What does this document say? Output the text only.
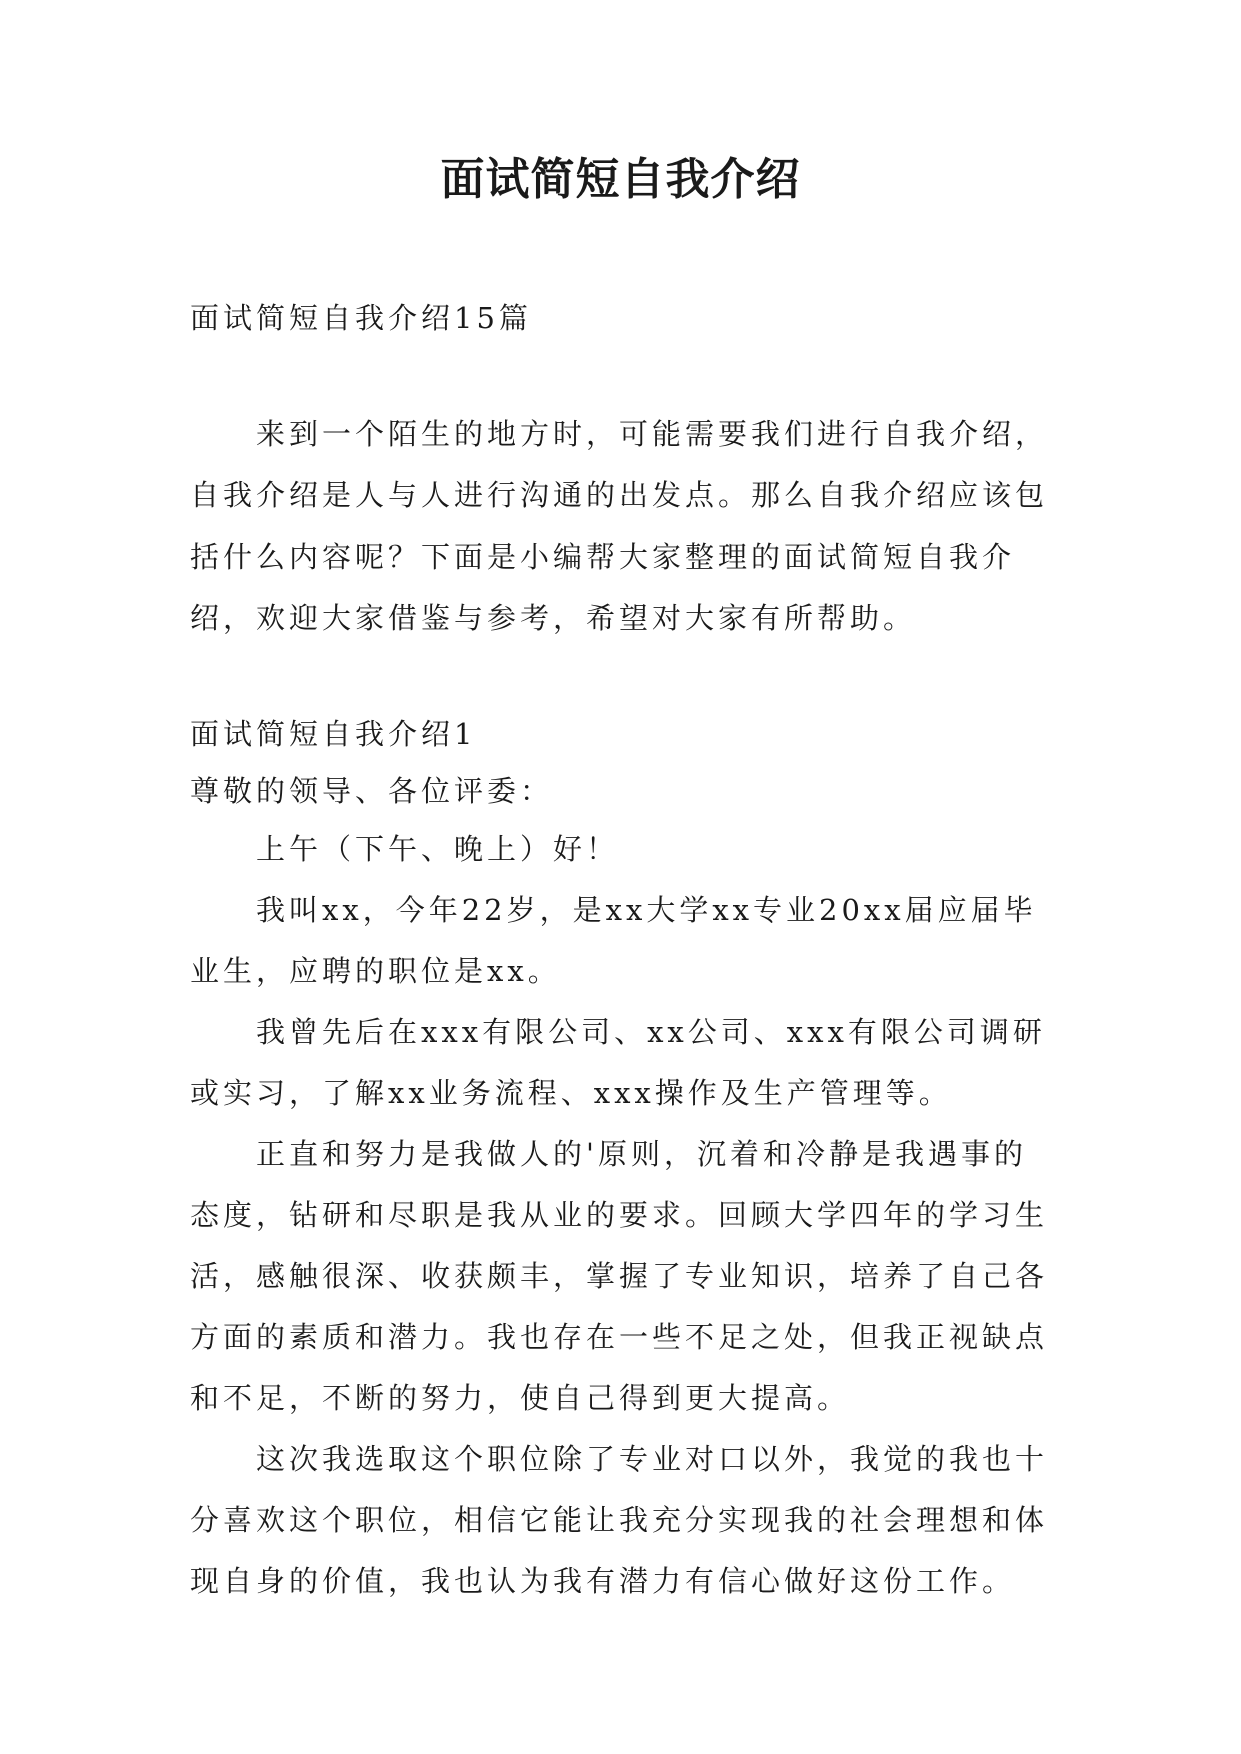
面试简短自我介绍
面试简短自我介绍15篇
来到一个陌生的地方时，可能需要我们进行自我介绍，
自我介绍是人与人进行沟通的出发点。那么自我介绍应该包
括什么内容呢？下面是小编帮大家整理的面试简短自我介
绍，欢迎大家借鉴与参考，希望对大家有所帮助。
面试简短自我介绍1
尊敬的领导、各位评委：
上午（下午、晚上）好！
我叫xx，今年22岁，是xx大学xx专业20xx届应届毕
业生，应聘的职位是xx。
我曾先后在xxx有限公司、xx公司、xxx有限公司调研
或实习，了解xx业务流程、xxx操作及生产管理等。
正直和努力是我做人的'原则，沉着和冷静是我遇事的
态度，钻研和尽职是我从业的要求。回顾大学四年的学习生
活，感触很深、收获颇丰，掌握了专业知识，培养了自己各
方面的素质和潜力。我也存在一些不足之处，但我正视缺点
和不足，不断的努力，使自己得到更大提高。
这次我选取这个职位除了专业对口以外，我觉的我也十
分喜欢这个职位，相信它能让我充分实现我的社会理想和体
现自身的价值，我也认为我有潜力有信心做好这份工作。
